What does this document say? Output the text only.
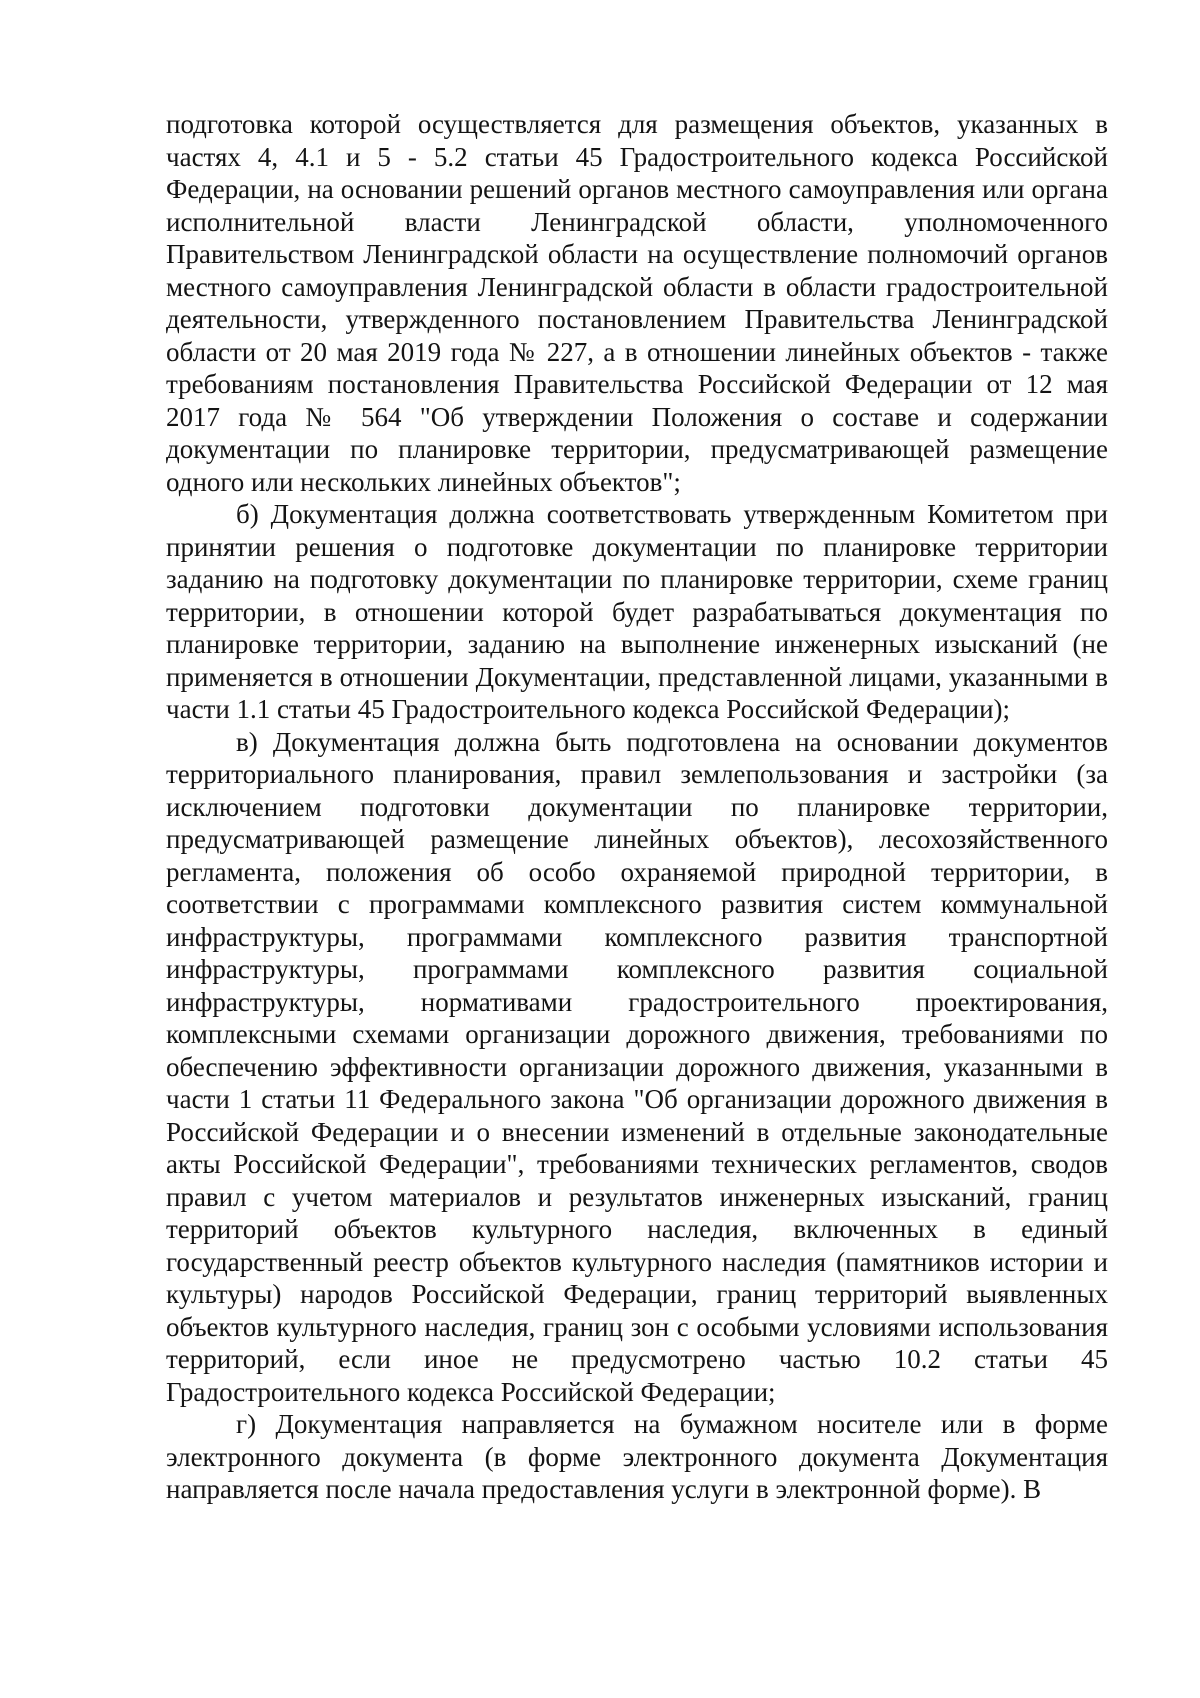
подготовка которой осуществляется для размещения объектов, указанных в частях 4, 4.1 и 5 - 5.2 статьи 45 Градостроительного кодекса Российской Федерации, на основании решений органов местного самоуправления или органа исполнительной власти Ленинградской области, уполномоченного Правительством Ленинградской области на осуществление полномочий органов местного самоуправления Ленинградской области в области градостроительной деятельности, утвержденного постановлением Правительства Ленинградской области от 20 мая 2019 года № 227, а в отношении линейных объектов - также требованиям постановления Правительства Российской Федерации от 12 мая 2017 года № 564 "Об утверждении Положения о составе и содержании документации по планировке территории, предусматривающей размещение одного или нескольких линейных объектов";

б) Документация должна соответствовать утвержденным Комитетом при принятии решения о подготовке документации по планировке территории заданию на подготовку документации по планировке территории, схеме границ территории, в отношении которой будет разрабатываться документация по планировке территории, заданию на выполнение инженерных изысканий (не применяется в отношении Документации, представленной лицами, указанными в части 1.1 статьи 45 Градостроительного кодекса Российской Федерации);

в) Документация должна быть подготовлена на основании документов территориального планирования, правил землепользования и застройки (за исключением подготовки документации по планировке территории, предусматривающей размещение линейных объектов), лесохозяйственного регламента, положения об особо охраняемой природной территории, в соответствии с программами комплексного развития систем коммунальной инфраструктуры, программами комплексного развития транспортной инфраструктуры, программами комплексного развития социальной инфраструктуры, нормативами градостроительного проектирования, комплексными схемами организации дорожного движения, требованиями по обеспечению эффективности организации дорожного движения, указанными в части 1 статьи 11 Федерального закона "Об организации дорожного движения в Российской Федерации и о внесении изменений в отдельные законодательные акты Российской Федерации", требованиями технических регламентов, сводов правил с учетом материалов и результатов инженерных изысканий, границ территорий объектов культурного наследия, включенных в единый государственный реестр объектов культурного наследия (памятников истории и культуры) народов Российской Федерации, границ территорий выявленных объектов культурного наследия, границ зон с особыми условиями использования территорий, если иное не предусмотрено частью 10.2 статьи 45 Градостроительного кодекса Российской Федерации;

г) Документация направляется на бумажном носителе или в форме электронного документа (в форме электронного документа Документация направляется после начала предоставления услуги в электронной форме). В
